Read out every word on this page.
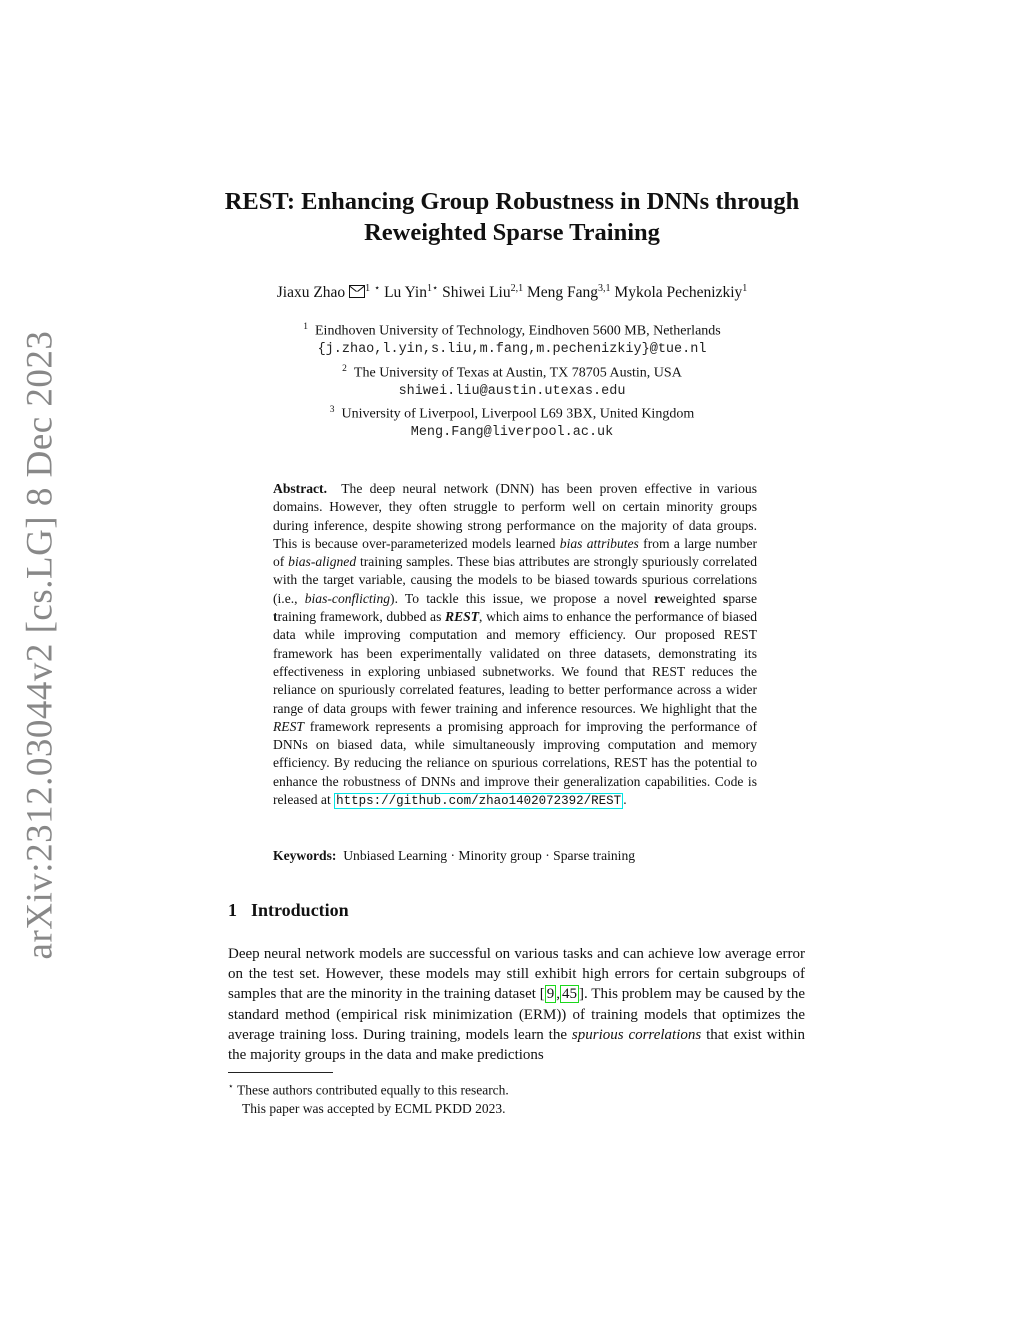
arXiv:2312.03044v2 [cs.LG] 8 Dec 2023
REST: Enhancing Group Robustness in DNNs through
Reweighted Sparse Training
Jiaxu Zhao $^1$ ⋆ Lu Yin$^{1⋆}$ Shiwei Liu$^{2,1}$ Meng Fang$^{3,1}$ Mykola Pechenizkiy$^1$
$^1$ Eindhoven University of Technology, Eindhoven 5600 MB, Netherlands
{j.zhao,l.yin,s.liu,m.fang,m.pechenizkiy}@tue.nl
$^2$ The University of Texas at Austin, TX 78705 Austin, USA
shiwei.liu@austin.utexas.edu
$^3$ University of Liverpool, Liverpool L69 3BX, United Kingdom
Meng.Fang@liverpool.ac.uk
Abstract. The deep neural network (DNN) has been proven effective in various domains. However, they often struggle to perform well on certain minority groups during inference, despite showing strong performance on the majority of data groups. This is because over-parameterized models learned bias attributes from a large number of bias-aligned training samples. These bias attributes are strongly spuriously correlated with the target variable, causing the models to be biased towards spurious correlations (i.e., bias-conflicting). To tackle this issue, we propose a novel reweighted sparse training framework, dubbed as REST, which aims to enhance the performance of biased data while improving computation and memory efficiency. Our proposed REST framework has been experimentally validated on three datasets, demonstrating its effectiveness in exploring unbiased subnetworks. We found that REST reduces the reliance on spuriously correlated features, leading to better performance across a wider range of data groups with fewer training and inference resources. We highlight that the REST framework represents a promising approach for improving the performance of DNNs on biased data, while simultaneously improving computation and memory efficiency. By reducing the reliance on spurious correlations, REST has the potential to enhance the robustness of DNNs and improve their generalization capabilities. Code is released at https://github.com/zhao1402072392/REST .
Keywords: Unbiased Learning · Minority group · Sparse training
1 Introduction
Deep neural network models are successful on various tasks and can achieve low average error on the test set. However, these models may still exhibit high errors for certain subgroups of samples that are the minority in the training dataset [ 9 , 45 ]. This problem may be caused by the standard method (empirical risk minimization (ERM)) of training models that optimizes the average training loss. During training, models learn the spurious correlations that exist within the majority groups in the data and make predictions
⋆ These authors contributed equally to this research.
This paper was accepted by ECML PKDD 2023.
